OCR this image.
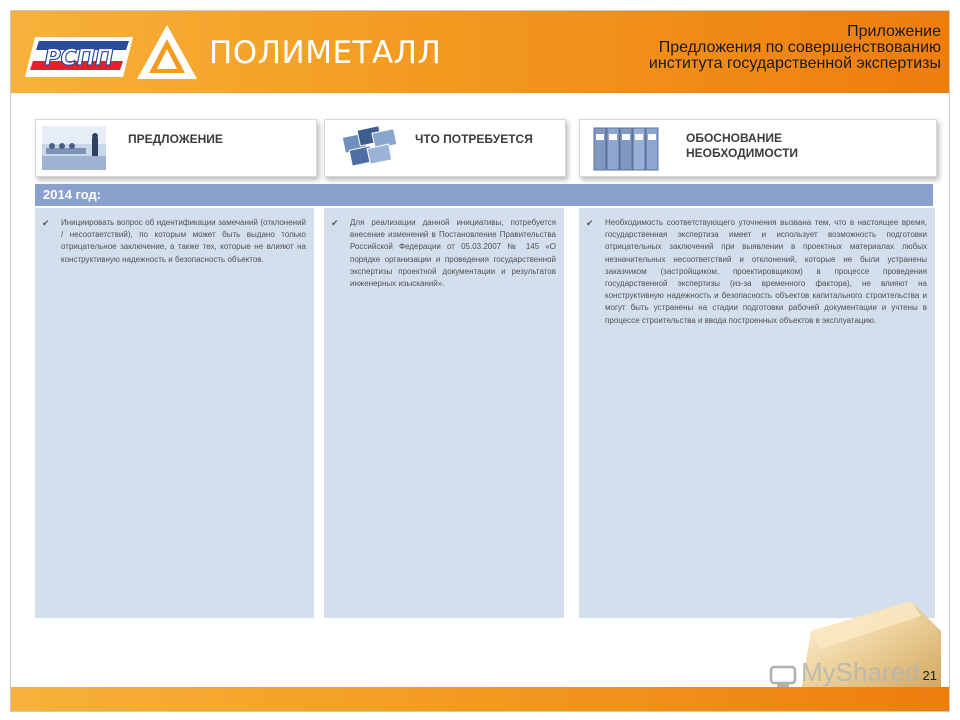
РСПП	ПОЛИМЕТАЛЛ
Приложение
Предложения по совершенствованию
института государственной экспертизы
ПРЕДЛОЖЕНИЕ	ЧТО ПОТРЕБУЕТСЯ	ОБОСНОВАНИЕ
НЕОБХОДИМОСТИ
2014 год:
✔	Инициировать вопрос об идентификации замечаний (отклонений / несоответствий), по которым может быть выдано только отрицательное заключение, а также тех, которые не влияют на конструктивную надежность и безопасность объектов.
✔	Для реализации данной инициативы, потребуется внесение изменений в Постановление Правительства Российской Федерации от 05.03.2007 № 145 «О порядке организации и проведения государственной экспертизы проектной документации и результатов инженерных изысканий».
✔	Необходимость соответствующего уточнения вызвана тем, что в настоящее время, государственная экспертиза имеет и использует возможность подготовки отрицательных заключений при выявлении в проектных материалах любых незначительных несоответствий и отклонений, которые не были устранены заказчиком (застройщиком, проектировщиком) в процессе проведения государственной экспертизы (из-за временного фактора), не влияют на конструктивную надежность и безопасность объектов капитального строительства и могут быть устранены на стадии подготовки рабочей документации и учтены в процессе строительства и ввода построенных объектов в эксплуатацию.
MyShared 21
